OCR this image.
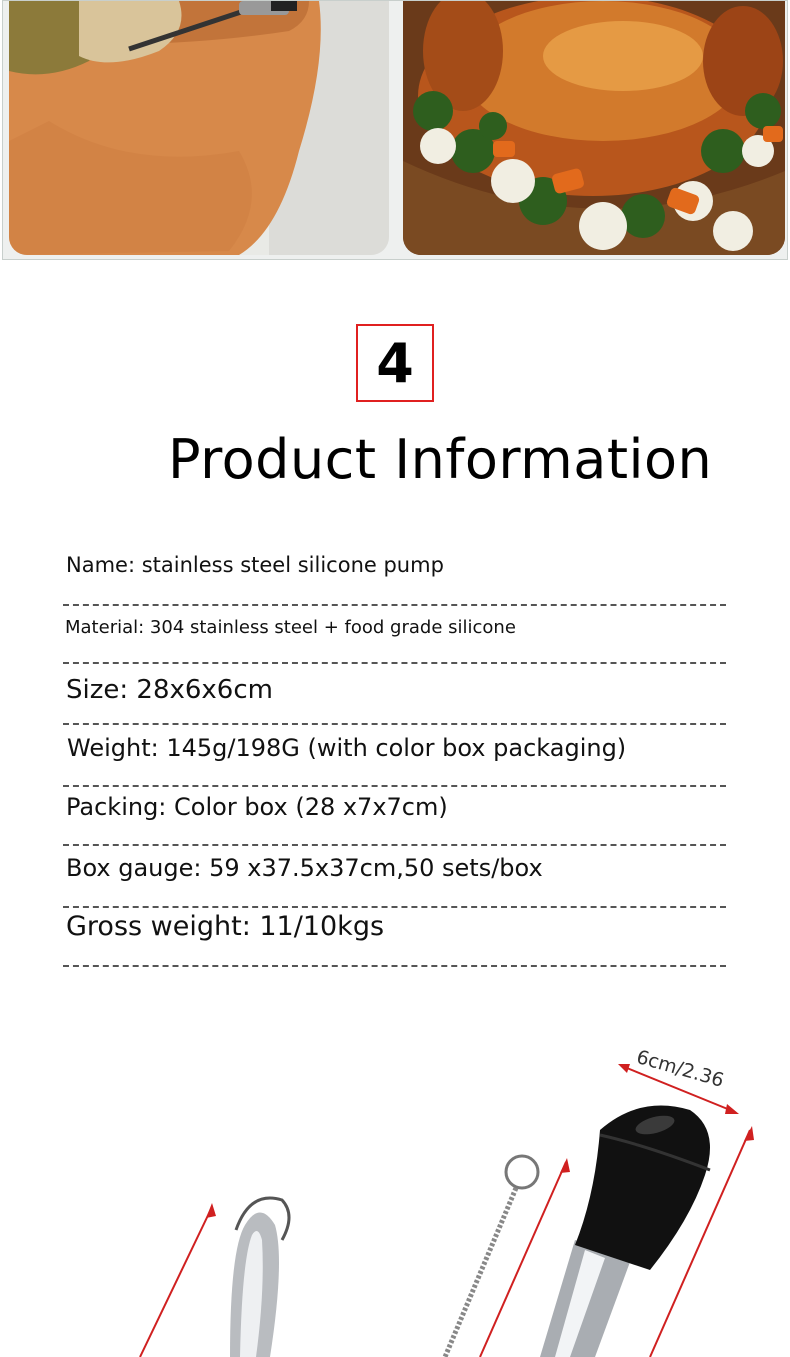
4
Product Information
Name: stainless steel silicone pump
Material: 304 stainless steel + food grade silicone
Size: 28x6x6cm
Weight: 145g/198G (with color box packaging)
Packing: Color box (28 x7x7cm)
Box gauge: 59 x37.5x37cm,50 sets/box
Gross weight: 11/10kgs
6cm/2.36
